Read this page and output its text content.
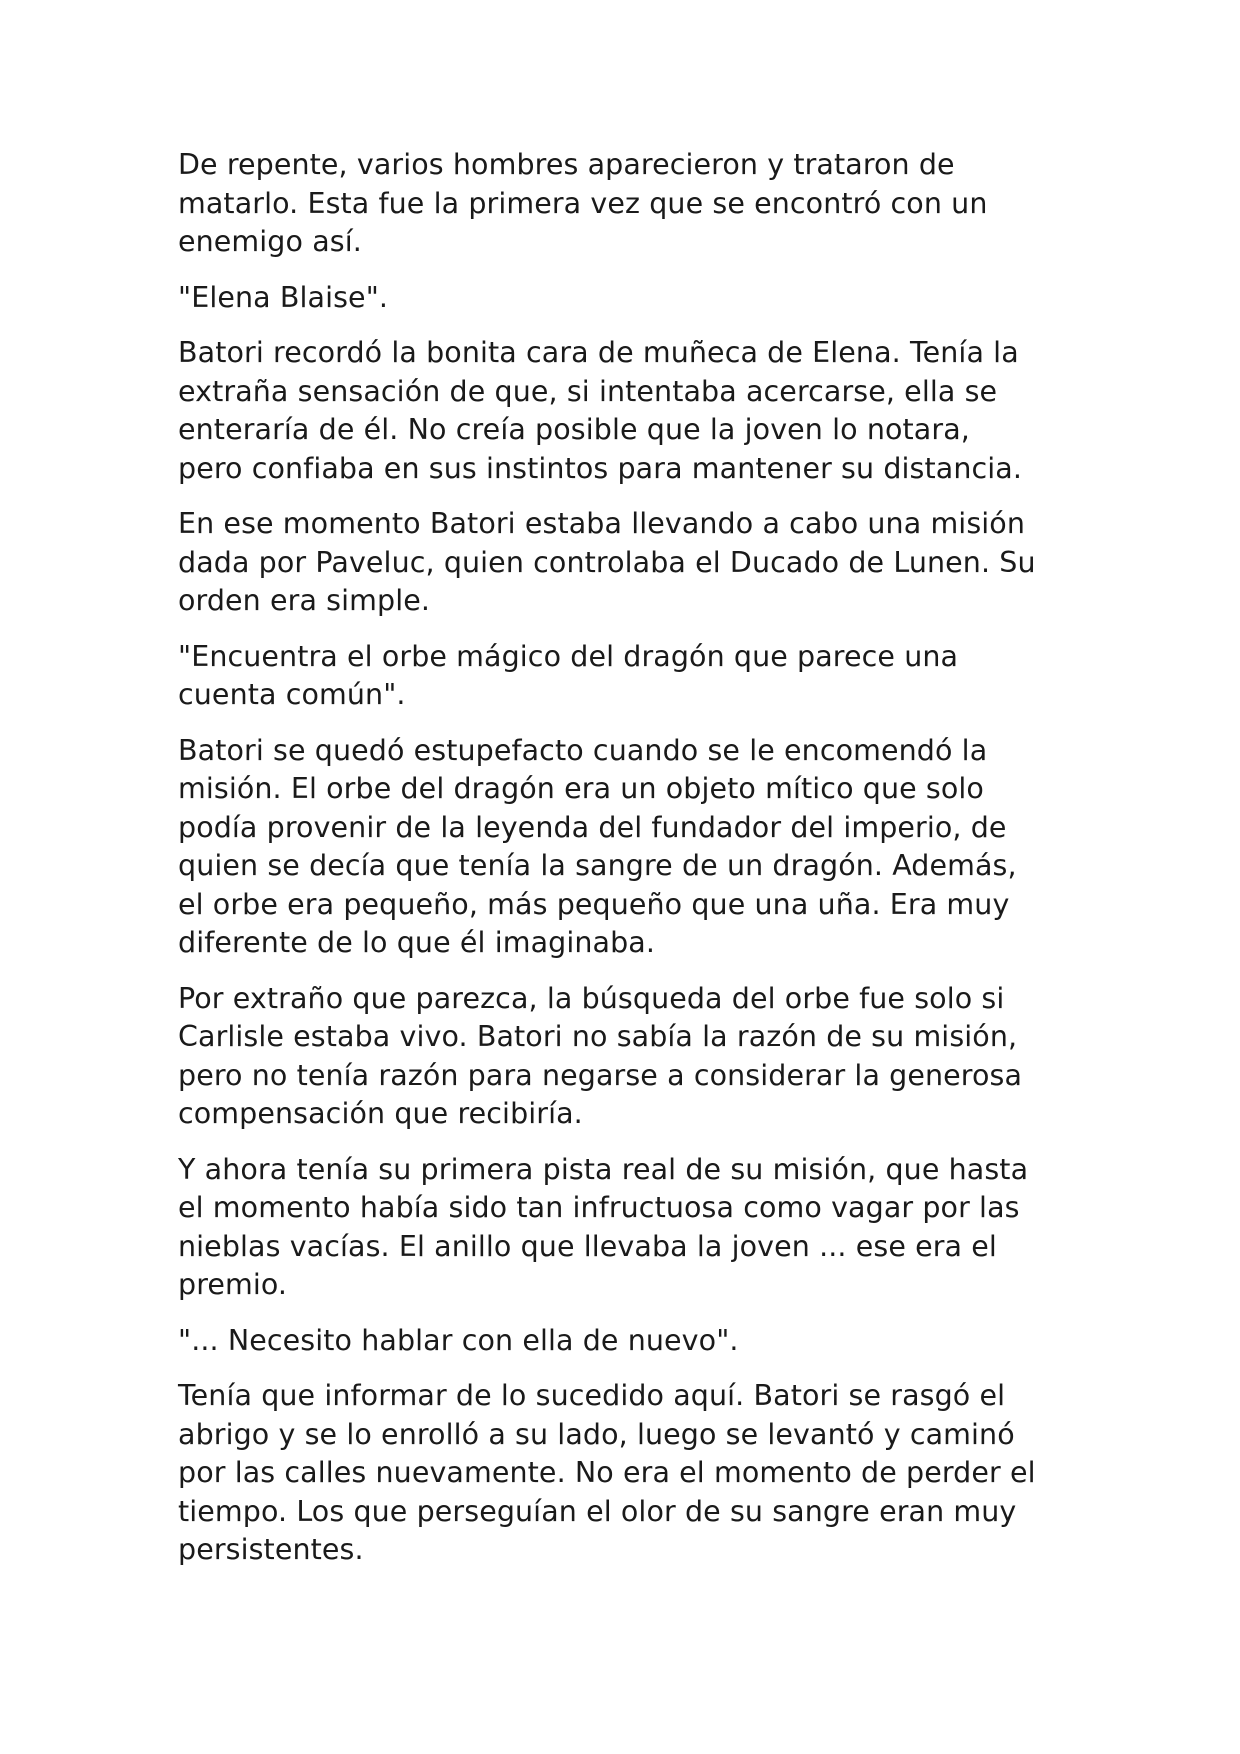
De repente, varios hombres aparecieron y trataron de
matarlo. Esta fue la primera vez que se encontró con un
enemigo así.

"Elena Blaise".

Batori recordó la bonita cara de muñeca de Elena. Tenía la
extraña sensación de que, si intentaba acercarse, ella se
enteraría de él. No creía posible que la joven lo notara,
pero confiaba en sus instintos para mantener su distancia.

En ese momento Batori estaba llevando a cabo una misión
dada por Paveluc, quien controlaba el Ducado de Lunen. Su
orden era simple.

"Encuentra el orbe mágico del dragón que parece una
cuenta común".

Batori se quedó estupefacto cuando se le encomendó la
misión. El orbe del dragón era un objeto mítico que solo
podía provenir de la leyenda del fundador del imperio, de
quien se decía que tenía la sangre de un dragón. Además,
el orbe era pequeño, más pequeño que una uña. Era muy
diferente de lo que él imaginaba.

Por extraño que parezca, la búsqueda del orbe fue solo si
Carlisle estaba vivo. Batori no sabía la razón de su misión,
pero no tenía razón para negarse a considerar la generosa
compensación que recibiría.

Y ahora tenía su primera pista real de su misión, que hasta
el momento había sido tan infructuosa como vagar por las
nieblas vacías. El anillo que llevaba la joven ... ese era el
premio.

"... Necesito hablar con ella de nuevo".

Tenía que informar de lo sucedido aquí. Batori se rasgó el
abrigo y se lo enrolló a su lado, luego se levantó y caminó
por las calles nuevamente. No era el momento de perder el
tiempo. Los que perseguían el olor de su sangre eran muy
persistentes.
